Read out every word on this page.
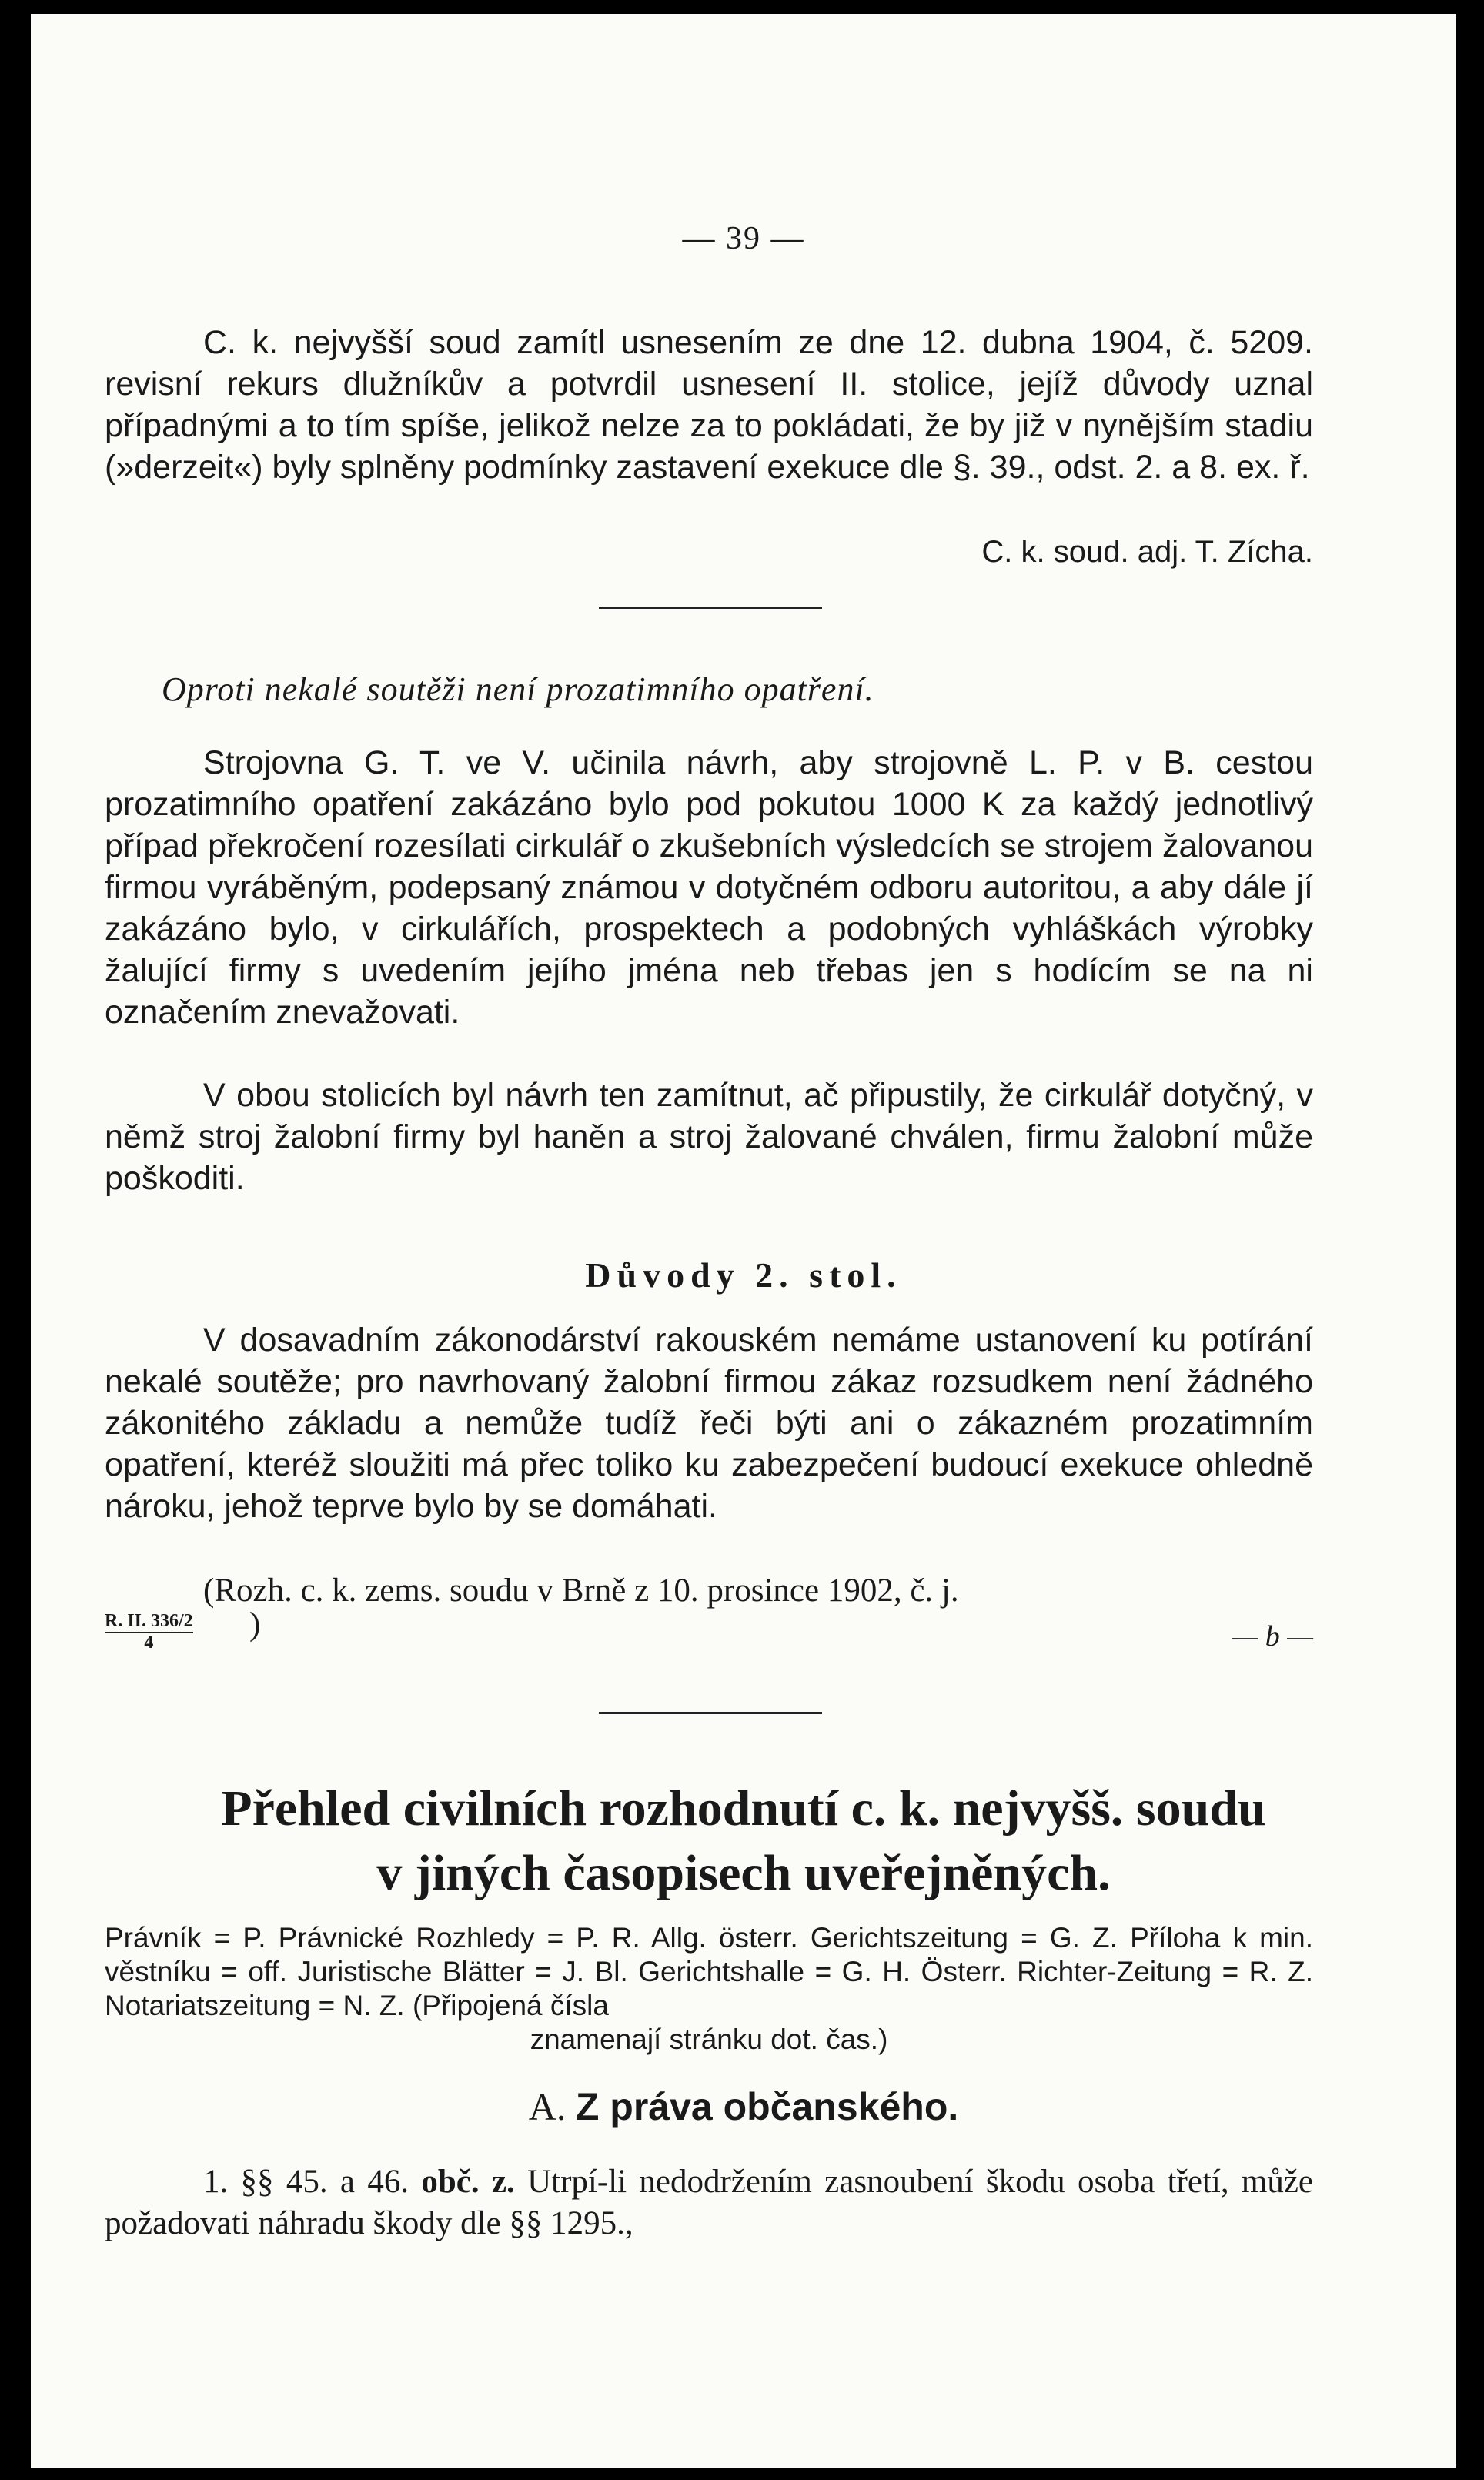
— 39 —
C. k. nejvyšší soud zamítl usnesením ze dne 12. dubna 1904, č. 5209. revisní rekurs dlužníkův a potvrdil usnesení II. stolice, jejíž důvody uznal případnými a to tím spíše, jelikož nelze za to pokládati, že by již v nynějším stadiu (»derzeit«) byly splněny podmínky zastavení exekuce dle §. 39., odst. 2. a 8. ex. ř.
C. k. soud. adj. T. Zícha.
Oproti nekalé soutěži není prozatimního opatření.
Strojovna G. T. ve V. učinila návrh, aby strojovně L. P. v B. cestou prozatimního opatření zakázáno bylo pod pokutou 1000 K za každý jednotlivý případ překročení rozesílati cirkulář o zkušebních výsledcích se strojem žalovanou firmou vyráběným, podepsaný známou v dotyčném odboru autoritou, a aby dále jí zakázáno bylo, v cirkulářích, prospektech a podobných vyhláškách výrobky žalující firmy s uvedením jejího jména neb třebas jen s hodícím se na ni označením znevažovati.
V obou stolicích byl návrh ten zamítnut, ač připustily, že cirkulář dotyčný, v němž stroj žalobní firmy byl haněn a stroj žalované chválen, firmu žalobní může poškoditi.
Důvody 2. stol.
V dosavadním zákonodárství rakouském nemáme ustanovení ku potírání nekalé soutěže; pro navrhovaný žalobní firmou zákaz rozsudkem není žádného zákonitého základu a nemůže tudíž řeči býti ani o zákazném prozatimním opatření, kteréž sloužiti má přec toliko ku zabezpečení budoucí exekuce ohledně nároku, jehož teprve bylo by se domáhati.
(Rozh. c. k. zems. soudu v Brně z 10. prosince 1902, č. j.
$\frac{R. II. 336/2}{4}$ )	— b —
Přehled civilních rozhodnutí c. k. nejvyšš. soudu
v jiných časopisech uveřejněných.
Právník = P. Právnické Rozhledy = P. R. Allg. österr. Gerichtszeitung = G. Z. Příloha k min. věstníku = off. Juristische Blätter = J. Bl. Gerichtshalle = G. H. Österr. Richter-Zeitung = R. Z. Notariatszeitung = N. Z. (Připojená čísla
znamenají stránku dot. čas.)
A. Z práva občanského.
1. §§ 45. a 46. obč. z. Utrpí-li nedodržením zasnoubení škodu osoba třetí, může požadovati náhradu škody dle §§ 1295.,
